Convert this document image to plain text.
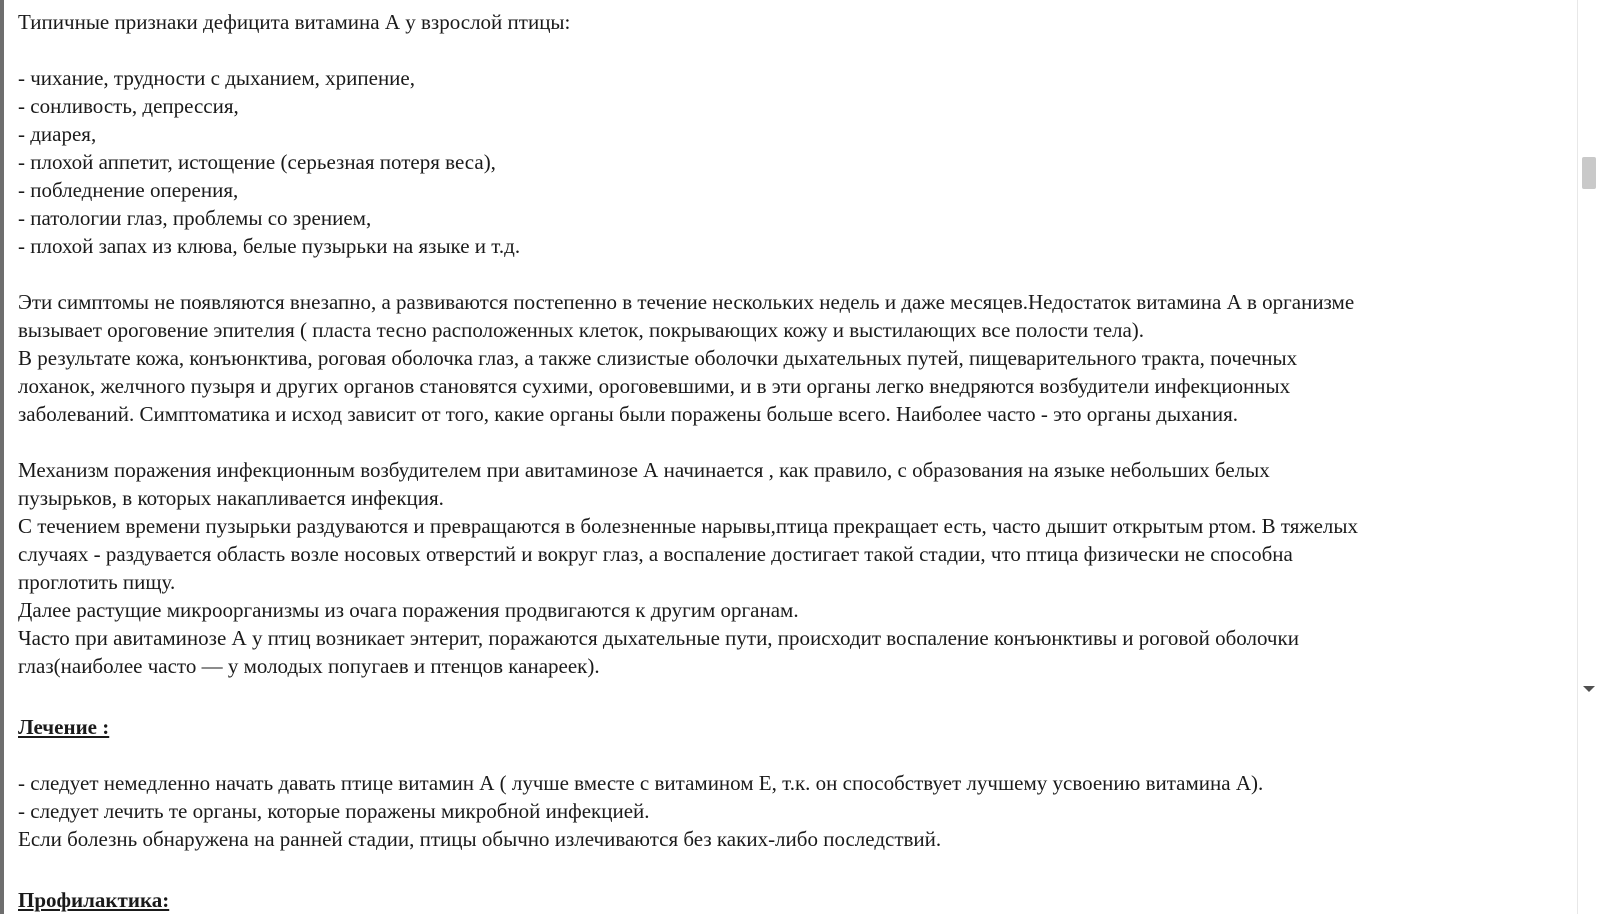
Типичные признаки дефицита витамина А у взрослой птицы:

- чихание, трудности с дыханием, хрипение,

- сонливость, депрессия,

- диарея,

- плохой аппетит, истощение (серьезная потеря веса),

- побледнение оперения,

- патологии глаз, проблемы со зрением,

- плохой запах из клюва, белые пузырьки на языке и т.д.

Эти симптомы не появляются внезапно, а развиваются постепенно в течение нескольких недель и даже месяцев.Недостаток витамина А в организме

вызывает ороговение эпителия ( пласта тесно расположенных клеток, покрывающих кожу и выстилающих все полости тела).

В результате кожа, конъюнктива, роговая оболочка глаз, а также слизистые оболочки дыхательных путей, пищеварительного тракта, почечных

лоханок, желчного пузыря и других органов становятся сухими, ороговевшими, и в эти органы легко внедряются возбудители инфекционных

заболеваний. Симптоматика и исход зависит от того, какие органы были поражены больше всего. Наиболее часто - это органы дыхания.

Механизм поражения инфекционным возбудителем при авитаминозе А начинается , как правило, с образования на языке небольших белых

пузырьков, в которых накапливается инфекция.

С течением времени пузырьки раздуваются и превращаются в болезненные нарывы,птица прекращает есть, часто дышит открытым ртом. В тяжелых

случаях - раздувается область возле носовых отверстий и вокруг глаз, а воспаление достигает такой стадии, что птица физически не способна

проглотить пищу.

Далее растущие микроорганизмы из очага поражения продвигаются к другим органам.

Часто при авитаминозе А у птиц возникает энтерит, поражаются дыхательные пути, происходит воспаление конъюнктивы и роговой оболочки

глаз(наиболее часто — у молодых попугаев и птенцов канареек).

Лечение :

- следует немедленно начать давать птице витамин А ( лучше вместе с витамином Е, т.к. он способствует лучшему усвоению витамина А).

- следует лечить те органы, которые поражены микробной инфекцией.

Если болезнь обнаружена на ранней стадии, птицы обычно излечиваются без каких-либо последствий.

Профилактика:
